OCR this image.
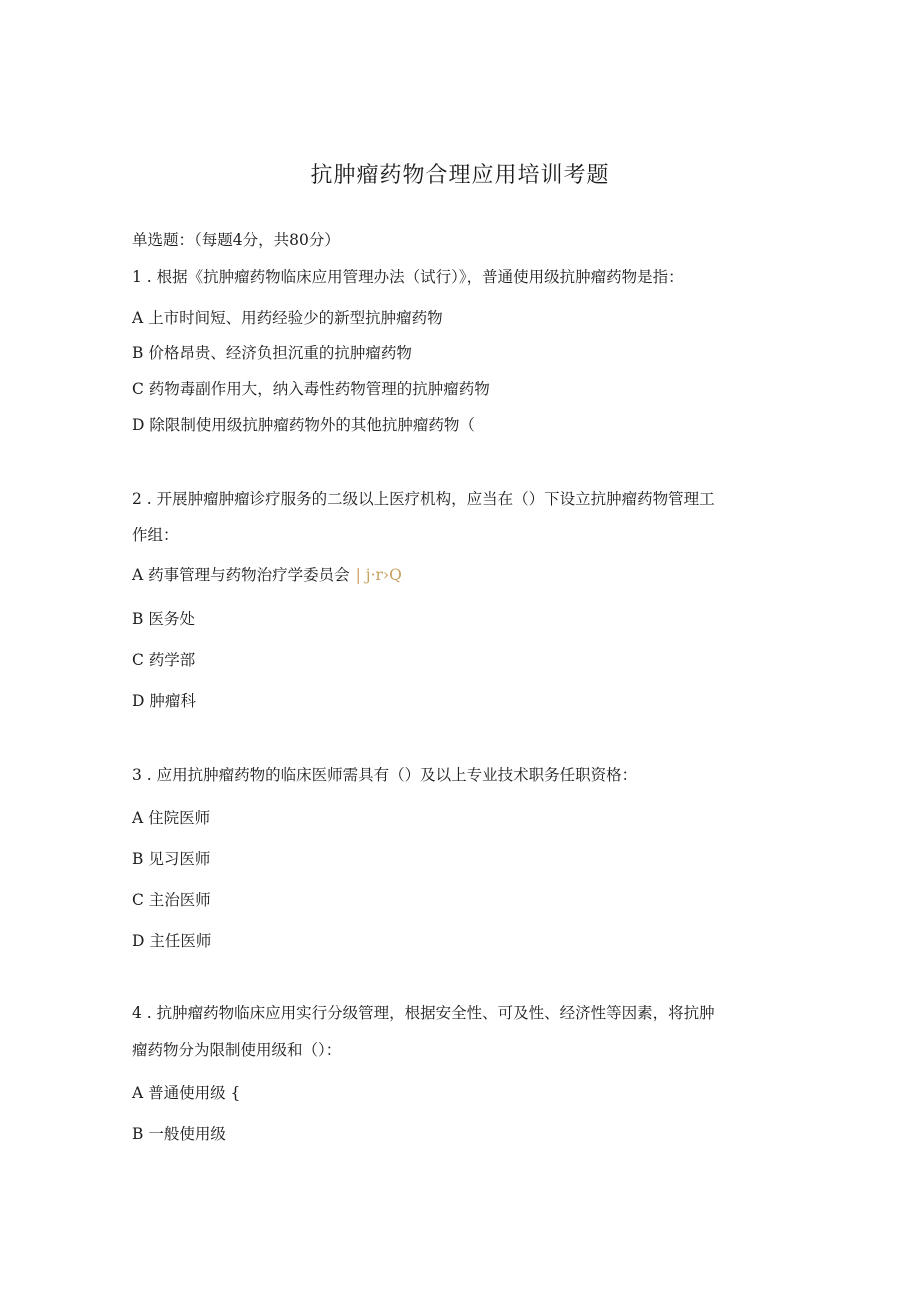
抗肿瘤药物合理应用培训考题
单选题：（每题4分，共80分）
1 . 根据《抗肿瘤药物临床应用管理办法（试行）》，普通使用级抗肿瘤药物是指：
A 上市时间短、用药经验少的新型抗肿瘤药物
B 价格昂贵、经济负担沉重的抗肿瘤药物
C 药物毒副作用大，纳入毒性药物管理的抗肿瘤药物
D 除限制使用级抗肿瘤药物外的其他抗肿瘤药物（
2 . 开展肿瘤肿瘤诊疗服务的二级以上医疗机构，应当在（）下设立抗肿瘤药物管理工
作组：
A 药事管理与药物治疗学委员会 | j·r›Q
B 医务处
C 药学部
D 肿瘤科
3 . 应用抗肿瘤药物的临床医师需具有（）及以上专业技术职务任职资格：
A 住院医师
B 见习医师
C 主治医师
D 主任医师
4 . 抗肿瘤药物临床应用实行分级管理，根据安全性、可及性、经济性等因素，将抗肿
瘤药物分为限制使用级和（）：
A 普通使用级 {
B 一般使用级
